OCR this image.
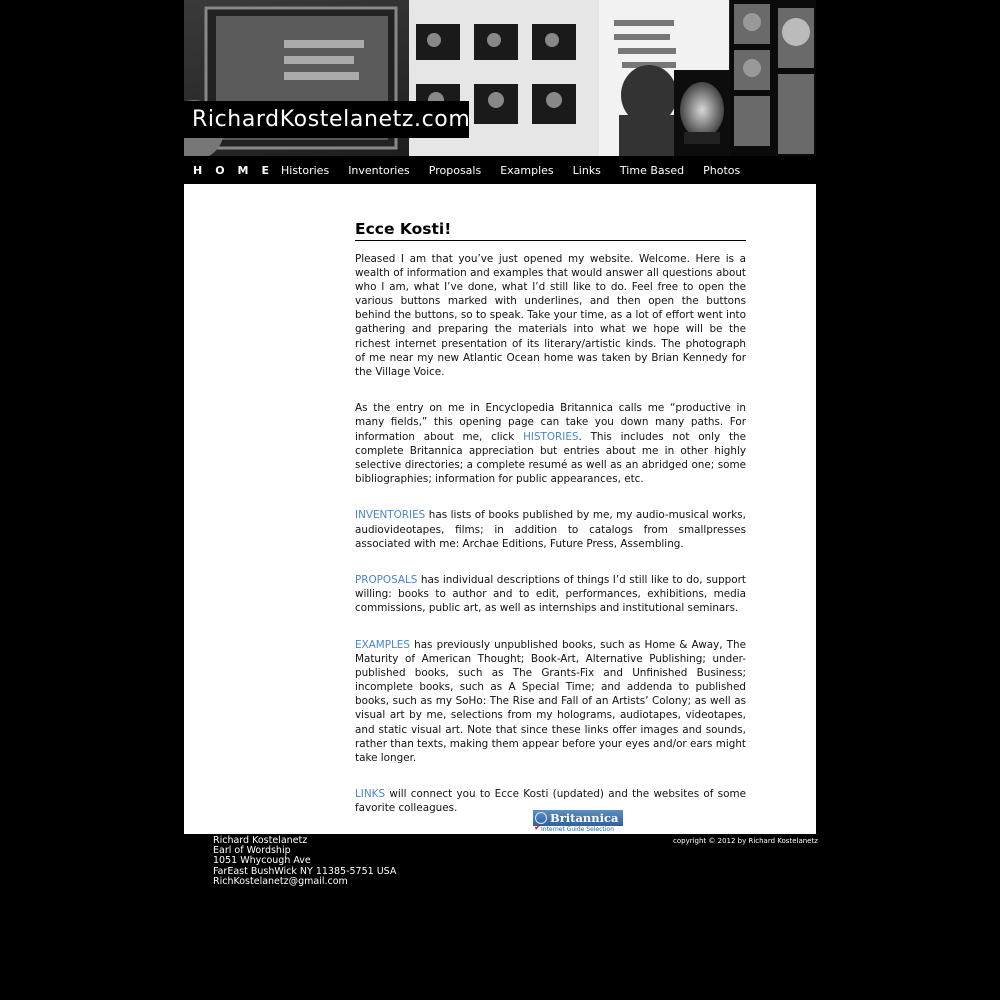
RichardKostelanetz.com
HOME
Histories Inventories Proposals Examples Links Time Based Photos
Ecce Kosti!

Pleased I am that you’ve just opened my website. Welcome. Here is a wealth of information and examples that would answer all questions about who I am, what I’ve done, what I’d still like to do. Feel free to open the various buttons marked with underlines, and then open the buttons behind the buttons, so to speak. Take your time, as a lot of effort went into gathering and preparing the materials into what we hope will be the richest internet presentation of its literary/artistic kinds. The photograph of me near my new Atlantic Ocean home was taken by Brian Kennedy for the Village Voice.

As the entry on me in Encyclopedia Britannica calls me “productive in many fields,” this opening page can take you down many paths. For information about me, click HISTORIES. This includes not only the complete Britannica appreciation but entries about me in other highly selective directories; a complete resumé as well as an abridged one; some bibliographies; information for public appearances, etc.

INVENTORIES has lists of books published by me, my audio-musical works, audiovideotapes, films; in addition to catalogs from smallpresses associated with me: Archae Editions, Future Press, Assembling.

PROPOSALS has individual descriptions of things I’d still like to do, support willing: books to author and to edit, performances, exhibitions, media commissions, public art, as well as internships and institutional seminars.

EXAMPLES has previously unpublished books, such as Home & Away, The Maturity of American Thought; Book-Art, Alternative Publishing; under-published books, such as The Grants-Fix and Unfinished Business; incomplete books, such as A Special Time; and addenda to published books, such as my SoHo: The Rise and Fall of an Artists’ Colony; as well as visual art by me, selections from my holograms, audiotapes, videotapes, and static visual art. Note that since these links offer images and sounds, rather than texts, making them appear before your eyes and/or ears might take longer.

LINKS will connect you to Ecce Kosti (updated) and the websites of some favorite colleagues.

Britannica
✔ Internet Guide Selection
Richard Kostelanetz
Earl of Wordship
1051 Whycough Ave
FarEast BushWick NY 11385-5751 USA
RichKostelanetz@gmail.com
copyright © 2012 by Richard Kostelanetz
